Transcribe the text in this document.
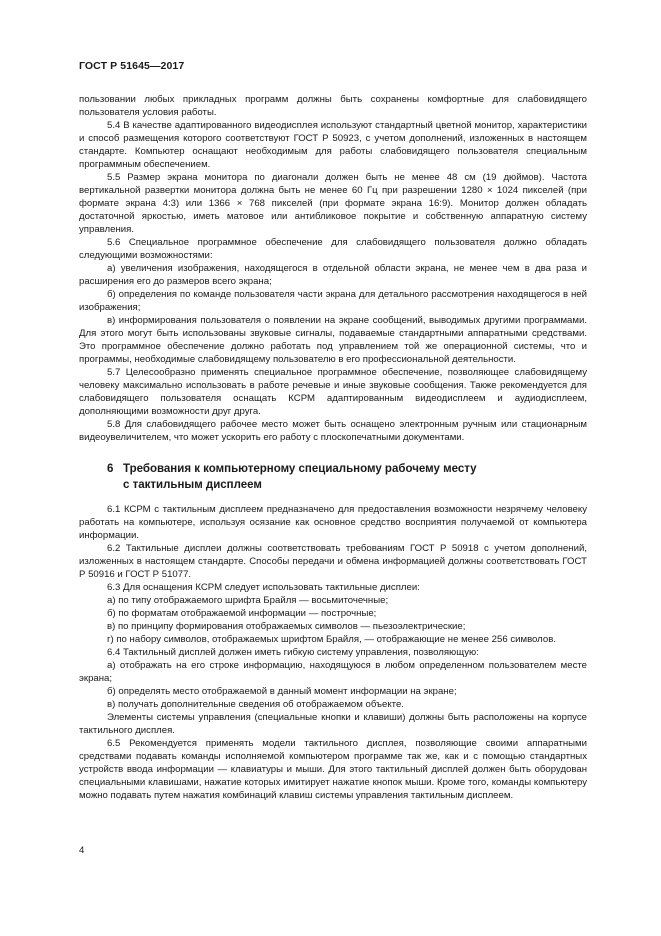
ГОСТ Р 51645—2017

пользовании любых прикладных программ должны быть сохранены комфортные для слабовидящего пользователя условия работы.

5.4 В качестве адаптированного видеодисплея используют стандартный цветной монитор, характеристики и способ размещения которого соответствуют ГОСТ Р 50923, с учетом дополнений, изложенных в настоящем стандарте. Компьютер оснащают необходимым для работы слабовидящего пользователя специальным программным обеспечением.

5.5 Размер экрана монитора по диагонали должен быть не менее 48 см (19 дюймов). Частота вертикальной развертки монитора должна быть не менее 60 Гц при разрешении 1280 × 1024 пикселей (при формате экрана 4:3) или 1366 × 768 пикселей (при формате экрана 16:9). Монитор должен обладать достаточной яркостью, иметь матовое или антибликовое покрытие и собственную аппаратную систему управления.

5.6 Специальное программное обеспечение для слабовидящего пользователя должно обладать следующими возможностями:

а) увеличения изображения, находящегося в отдельной области экрана, не менее чем в два раза и расширения его до размеров всего экрана;

б) определения по команде пользователя части экрана для детального рассмотрения находящегося в ней изображения;

в) информирования пользователя о появлении на экране сообщений, выводимых другими программами. Для этого могут быть использованы звуковые сигналы, подаваемые стандартными аппаратными средствами. Это программное обеспечение должно работать под управлением той же операционной системы, что и программы, необходимые слабовидящему пользователю в его профессиональной деятельности.

5.7 Целесообразно применять специальное программное обеспечение, позволяющее слабовидящему человеку максимально использовать в работе речевые и иные звуковые сообщения. Также рекомендуется для слабовидящего пользователя оснащать КСРМ адаптированным видеодисплеем и аудиодисплеем, дополняющими возможности друг друга.

5.8 Для слабовидящего рабочее место может быть оснащено электронным ручным или стационарным видеоувеличителем, что может ускорить его работу с плоскопечатными документами.

6 Требования к компьютерному специальному рабочему месту
с тактильным дисплеем

6.1 КСРМ с тактильным дисплеем предназначено для предоставления возможности незрячему человеку работать на компьютере, используя осязание как основное средство восприятия получаемой от компьютера информации.

6.2 Тактильные дисплеи должны соответствовать требованиям ГОСТ Р 50918 с учетом дополнений, изложенных в настоящем стандарте. Способы передачи и обмена информацией должны соответствовать ГОСТ Р 50916 и ГОСТ Р 51077.

6.3 Для оснащения КСРМ следует использовать тактильные дисплеи:

а) по типу отображаемого шрифта Брайля — восьмиточечные;

б) по форматам отображаемой информации — построчные;

в) по принципу формирования отображаемых символов — пьезоэлектрические;

г) по набору символов, отображаемых шрифтом Брайля, — отображающие не менее 256 символов.

6.4 Тактильный дисплей должен иметь гибкую систему управления, позволяющую:

а) отображать на его строке информацию, находящуюся в любом определенном пользователем месте экрана;

б) определять место отображаемой в данный момент информации на экране;

в) получать дополнительные сведения об отображаемом объекте.

Элементы системы управления (специальные кнопки и клавиши) должны быть расположены на корпусе тактильного дисплея.

6.5 Рекомендуется применять модели тактильного дисплея, позволяющие своими аппаратными средствами подавать команды исполняемой компьютером программе так же, как и с помощью стандартных устройств ввода информации — клавиатуры и мыши. Для этого тактильный дисплей должен быть оборудован специальными клавишами, нажатие которых имитирует нажатие кнопок мыши. Кроме того, команды компьютеру можно подавать путем нажатия комбинаций клавиш системы управления тактильным дисплеем.

4
